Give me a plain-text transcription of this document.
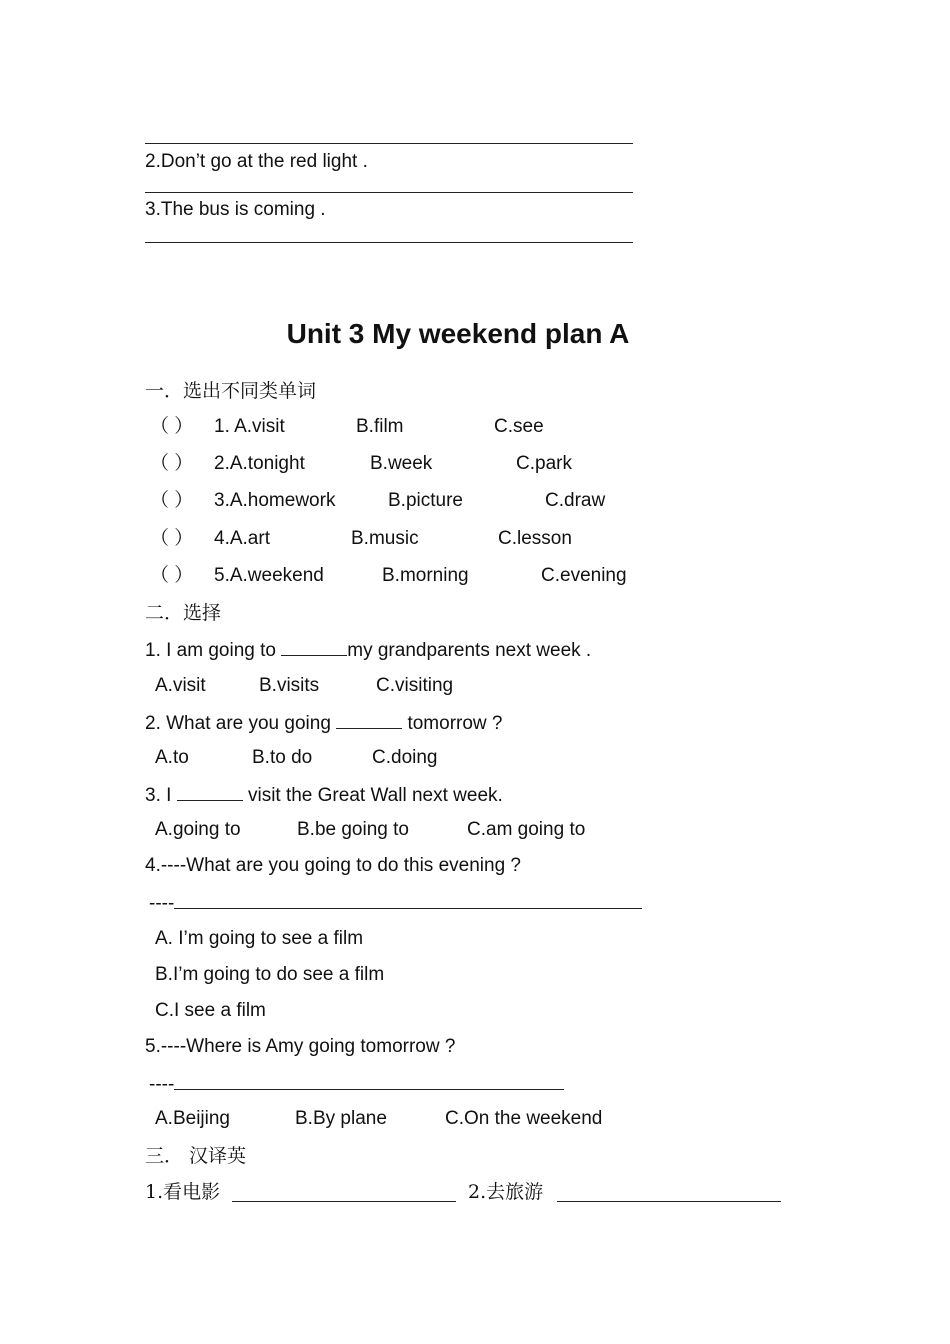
2.Don’t go at the red light .
3.The bus is coming .
Unit 3 My weekend plan A
一．选出不同类单词
（ ） 1. A.visit	B.film	C.see
（ ） 2.A.tonight	B.week	C.park
（ ） 3.A.homework	B.picture	C.draw
（ ） 4.A.art	B.music	C.lesson
（ ） 5.A.weekend	B.morning	C.evening
二．选择
1. I am going to	my grandparents next week .
A.visit	B.visits	C.visiting
2. What are you going	tomorrow ?
A.to	B.to do	C.doing
3. I	visit the Great Wall next week.
A.going to	B.be going to	C.am going to
4.----What are you going to do this evening ?
----
A. I’m going to see a film
B.I’m going to do see a film
C.I see a film
5.----Where is Amy going tomorrow ?
----
A.Beijing	B.By plane	C.On the weekend
三． 汉译英
1.看电影	2.去旅游
